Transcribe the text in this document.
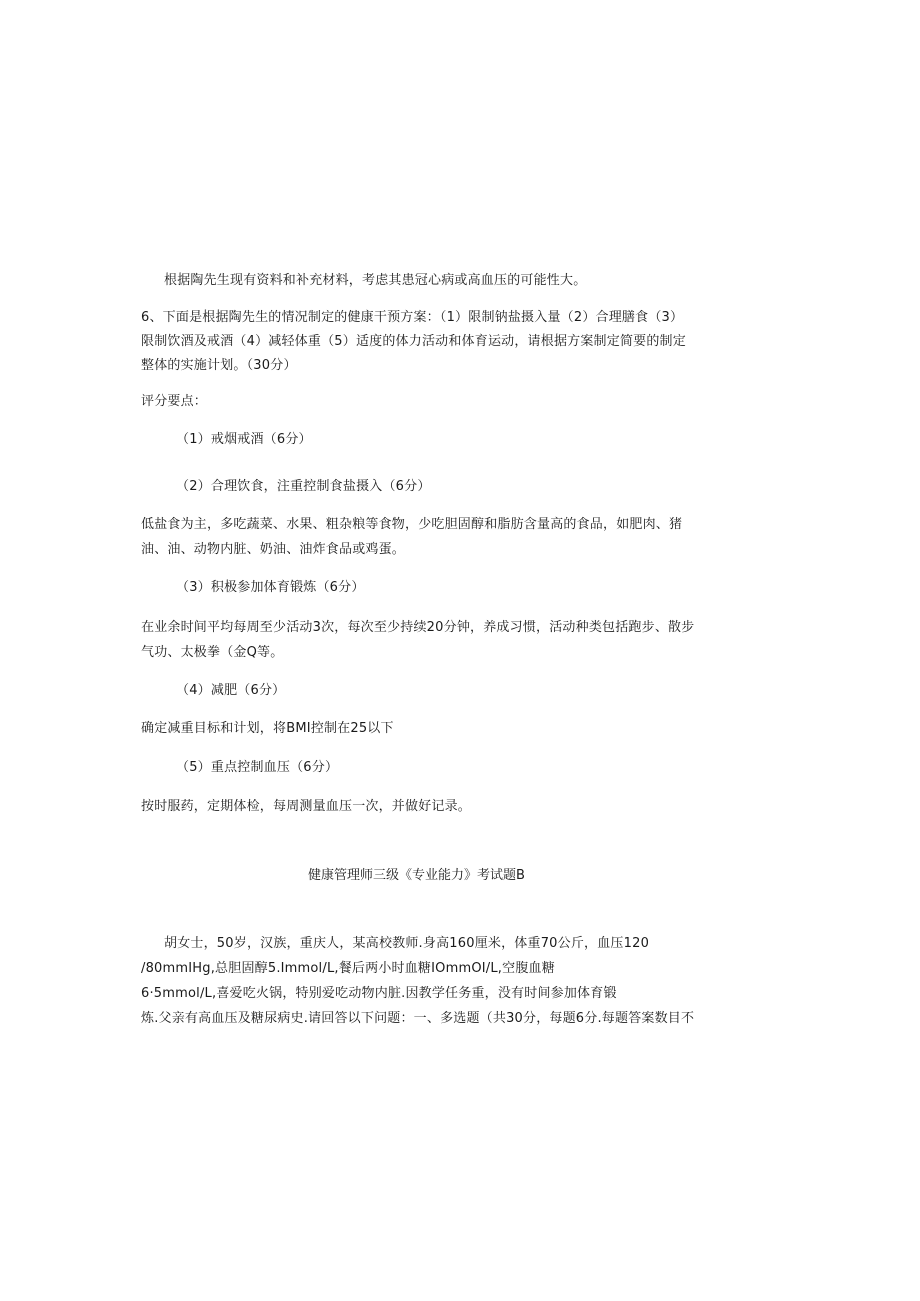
根据陶先生现有资料和补充材料，考虑其患冠心病或高血压的可能性大。
6、下面是根据陶先生的情况制定的健康干预方案：（1）限制钠盐摄入量（2）合理膳食（3）
限制饮酒及戒酒（4）减轻体重（5）适度的体力活动和体育运动，请根据方案制定简要的制定
整体的实施计划。（30分）
评分要点：
（1）戒烟戒酒（6分）
（2）合理饮食，注重控制食盐摄入（6分）
低盐食为主，多吃蔬菜、水果、粗杂粮等食物，少吃胆固醇和脂肪含量高的食品，如肥肉、猪
油、油、动物内脏、奶油、油炸食品或鸡蛋。
（3）积极参加体育锻炼（6分）
在业余时间平均每周至少活动3次，每次至少持续20分钟，养成习惯，活动种类包括跑步、散步
气功、太极拳（金Q等。
（4）减肥（6分）
确定减重目标和计划，将BMI控制在25以下
（5）重点控制血压（6分）
按时服药，定期体检，每周测量血压一次，并做好记录。
健康管理师三级《专业能力》考试题B
胡女士，50岁，汉族，重庆人，某高校教师.身高160厘米，体重70公斤，血压120
/80mmIHg,总胆固醇5.Immol/L,餐后两小时血糖IOmmOI/L,空腹血糖
6·5mmol∕L,喜爱吃火锅，特别爱吃动物内脏.因教学任务重，没有时间参加体育锻
炼.父亲有高血压及糖尿病史.请回答以下问题：一、多选题（共30分，每题6分.每题答案数目不
